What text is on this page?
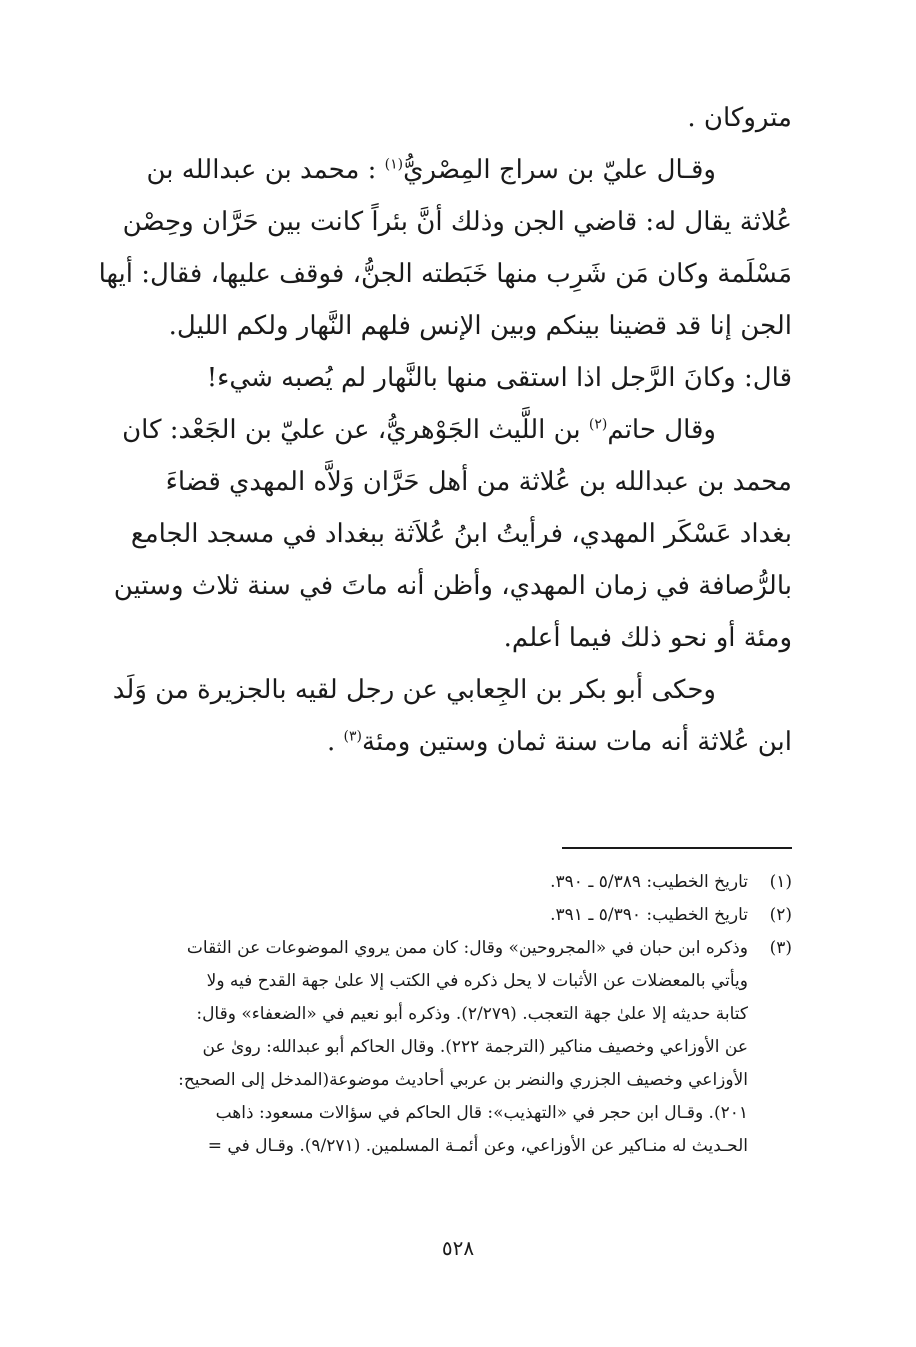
متروكان .

وقـال عليّ بن سراج المِصْريُّ$^{(١)}$ : محمد بن عبدالله بن
عُلاثة يقال له: قاضي الجن وذلك أنَّ بئراً كانت بين حَرَّان وحِصْن
مَسْلَمة وكان مَن شَرِب منها خَبَطته الجنُّ، فوقف عليها، فقال: أيها
الجن إنا قد قضينا بينكم وبين الإنس فلهم النَّهار ولكم الليل.
قال: وكانَ الرَّجل اذا استقى منها بالنَّهار لم يُصبه شيء!

وقال حاتم$^{(٢)}$ بن اللَّيث الجَوْهريُّ، عن عليّ بن الجَعْد: كان
محمد بن عبدالله بن عُلاثة من أهل حَرَّان وَلاَّه المهدي قضاءَ
بغداد عَسْكَر المهدي، فرأيتُ ابنُ عُلاَثة ببغداد في مسجد الجامع
بالرُّصافة في زمان المهدي، وأظن أنه ماتَ في سنة ثلاث وستين
ومئة أو نحو ذلك فيما أعلم.

وحكى أبو بكر بن الجِعابي عن رجل لقيه بالجزيرة من وَلَد
ابن عُلاثة أنه مات سنة ثمان وستين ومئة$^{(٣)}$ .

(١)
تاريخ الخطيب: ٥/٣٨٩ ـ ٣٩٠.
(٢)
تاريخ الخطيب: ٥/٣٩٠ ـ ٣٩١.
(٣)
وذكره ابن حبان في «المجروحين» وقال: كان ممن يروي الموضوعات عن الثقات
ويأتي بالمعضلات عن الأثبات لا يحل ذكره في الكتب إلا علىٰ جهة القدح فيه ولا
كتابة حديثه إلا علىٰ جهة التعجب. (٢/٢٧٩). وذكره أبو نعيم في «الضعفاء» وقال:
عن الأوزاعي وخصيف مناكير (الترجمة ٢٢٢). وقال الحاكم أبو عبدالله: روىٰ عن
الأوزاعي وخصيف الجزري والنضر بن عربي أحاديث موضوعة(المدخل إلى الصحيح:
٢٠١). وقـال ابن حجر في «التهذيب»: قال الحاكم في سؤالات مسعود: ذاهب
الحـديث له منـاكير عن الأوزاعي، وعن أئمـة المسلمين. (٩/٢٧١). وقـال في =
٥٢٨
